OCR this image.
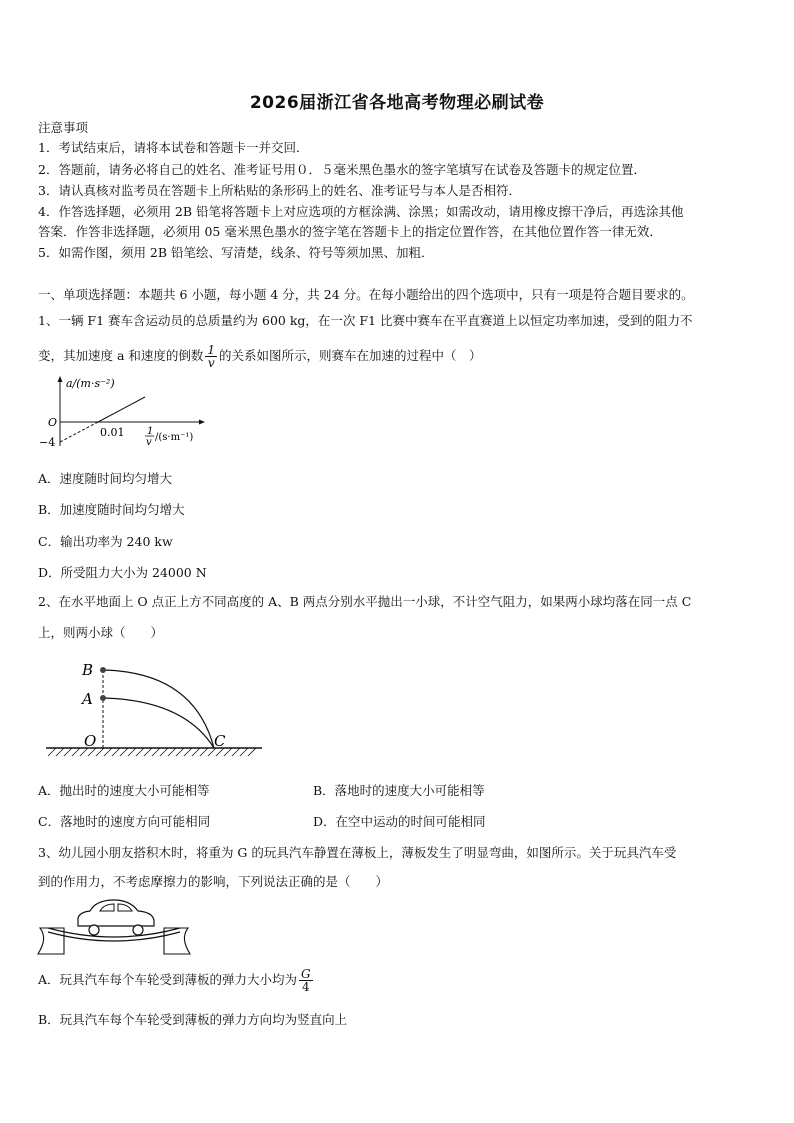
2026届浙江省各地高考物理必刷试卷
注意事项
1．考试结束后，请将本试卷和答题卡一并交回．
2．答题前，请务必将自己的姓名、准考证号用０．５毫米黑色墨水的签字笔填写在试卷及答题卡的规定位置．
3．请认真核对监考员在答题卡上所粘贴的条形码上的姓名、准考证号与本人是否相符．
4．作答选择题，必须用 2B 铅笔将答题卡上对应选项的方框涂满、涂黑；如需改动，请用橡皮擦干净后，再选涂其他
答案．作答非选择题，必须用 05 毫米黑色墨水的签字笔在答题卡上的指定位置作答，在其他位置作答一律无效．
5．如需作图，须用 2B 铅笔绘、写清楚，线条、符号等须加黑、加粗．
一、单项选择题：本题共 6 小题，每小题 4 分，共 24 分。在每小题给出的四个选项中，只有一项是符合题目要求的。
1、一辆 F1 赛车含运动员的总质量约为 600 kg，在一次 F1 比赛中赛车在平直赛道上以恒定功率加速，受到的阻力不
变，其加速度 a 和速度的倒数 $\frac{1}{v}$ 的关系如图所示，则赛车在加速的过程中（　）
a/(m·s⁻²)
O
−4
0.01 1
v /(s·m⁻¹)
A．速度随时间均匀增大
B．加速度随时间均匀增大
C．输出功率为 240 kw
D．所受阻力大小为 24000 N
2、在水平地面上 O 点正上方不同高度的 A、B 两点分别水平抛出一小球，不计空气阻力，如果两小球均落在同一点 C
上，则两小球（　　）
B
A
O	C
A．抛出时的速度大小可能相等	B．落地时的速度大小可能相等
C．落地时的速度方向可能相同	D．在空中运动的时间可能相同
3、幼儿园小朋友搭积木时，将重为 G 的玩具汽车静置在薄板上，薄板发生了明显弯曲，如图所示。关于玩具汽车受
到的作用力，不考虑摩擦力的影响，下列说法正确的是（　　）
A．玩具汽车每个车轮受到薄板的弹力大小均为 $\frac{G}{4}$
B．玩具汽车每个车轮受到薄板的弹力方向均为竖直向上
